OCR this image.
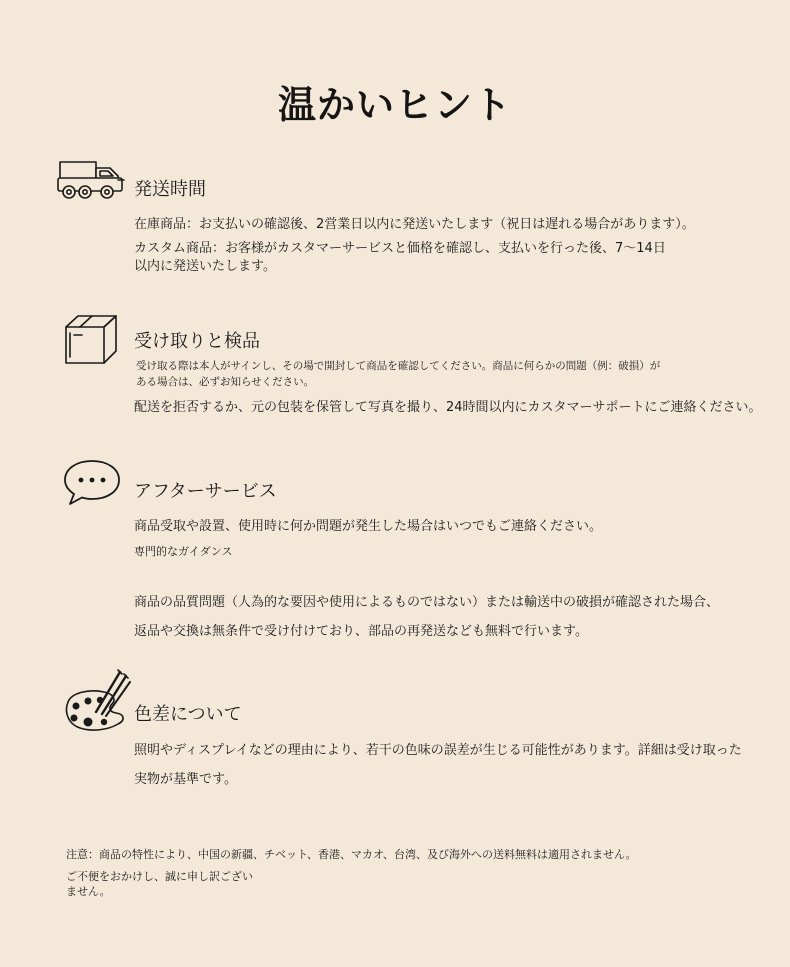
温かいヒント
発送時間
在庫商品：お支払いの確認後、2営業日以内に発送いたします（祝日は遅れる場合があります）。
カスタム商品：お客様がカスタマーサービスと価格を確認し、支払いを行った後、7〜14日
以内に発送いたします。
受け取りと検品
受け取る際は本人がサインし、その場で開封して商品を確認してください。商品に何らかの問題（例：破損）が
ある場合は、必ずお知らせください。
配送を拒否するか、元の包装を保管して写真を撮り、24時間以内にカスタマーサポートにご連絡ください。
アフターサービス
商品受取や設置、使用時に何か問題が発生した場合はいつでもご連絡ください。
専門的なガイダンス
商品の品質問題（人為的な要因や使用によるものではない）または輸送中の破損が確認された場合、
返品や交換は無条件で受け付けており、部品の再発送なども無料で行います。
色差について
照明やディスプレイなどの理由により、若干の色味の誤差が生じる可能性があります。詳細は受け取った
実物が基準です。
注意：商品の特性により、中国の新疆、チベット、香港、マカオ、台湾、及び海外への送料無料は適用されません。
ご不便をおかけし、誠に申し訳ござい
ません。
